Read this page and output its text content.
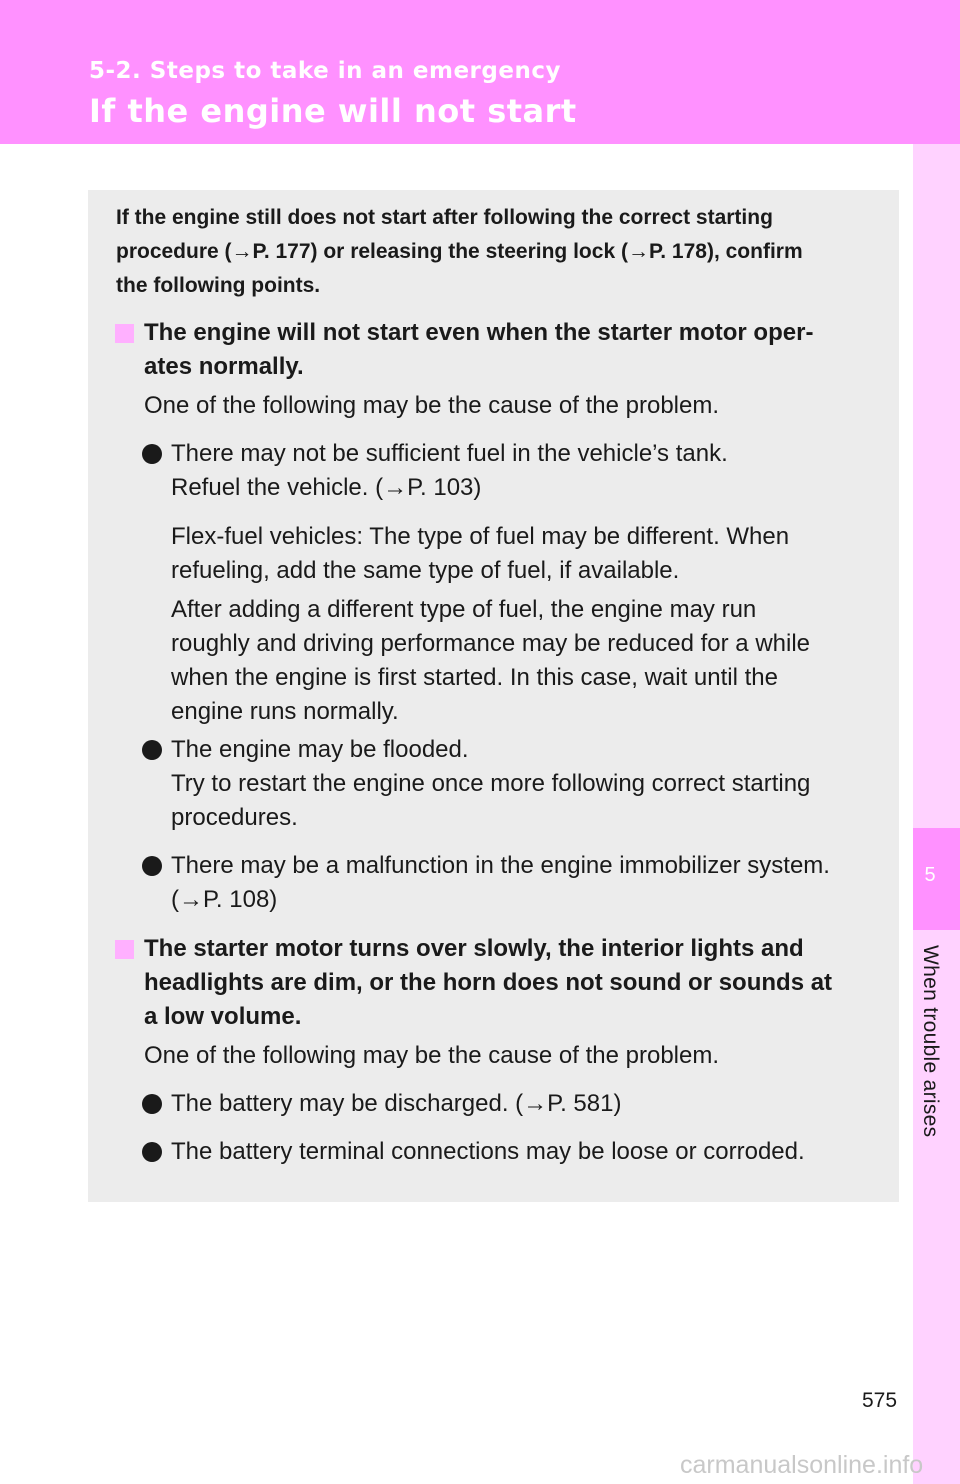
5-2. Steps to take in an emergency
If the engine will not start
5
When trouble arises
If the engine still does not start after following the correct starting
procedure (→P. 177) or releasing the steering lock (→P. 178), confirm
the following points.
The engine will not start even when the starter motor oper-
ates normally.
One of the following may be the cause of the problem.
There may not be sufficient fuel in the vehicle’s tank.
Refuel the vehicle. (→P. 103)
Flex-fuel vehicles: The type of fuel may be different. When
refueling, add the same type of fuel, if available.
After adding a different type of fuel, the engine may run
roughly and driving performance may be reduced for a while
when the engine is first started. In this case, wait until the
engine runs normally.
The engine may be flooded.
Try to restart the engine once more following correct starting
procedures.
There may be a malfunction in the engine immobilizer system.
(→P. 108)
The starter motor turns over slowly, the interior lights and
headlights are dim, or the horn does not sound or sounds at
a low volume.
One of the following may be the cause of the problem.
The battery may be discharged. (→P. 581)
The battery terminal connections may be loose or corroded.
575
carmanualsonline.info
